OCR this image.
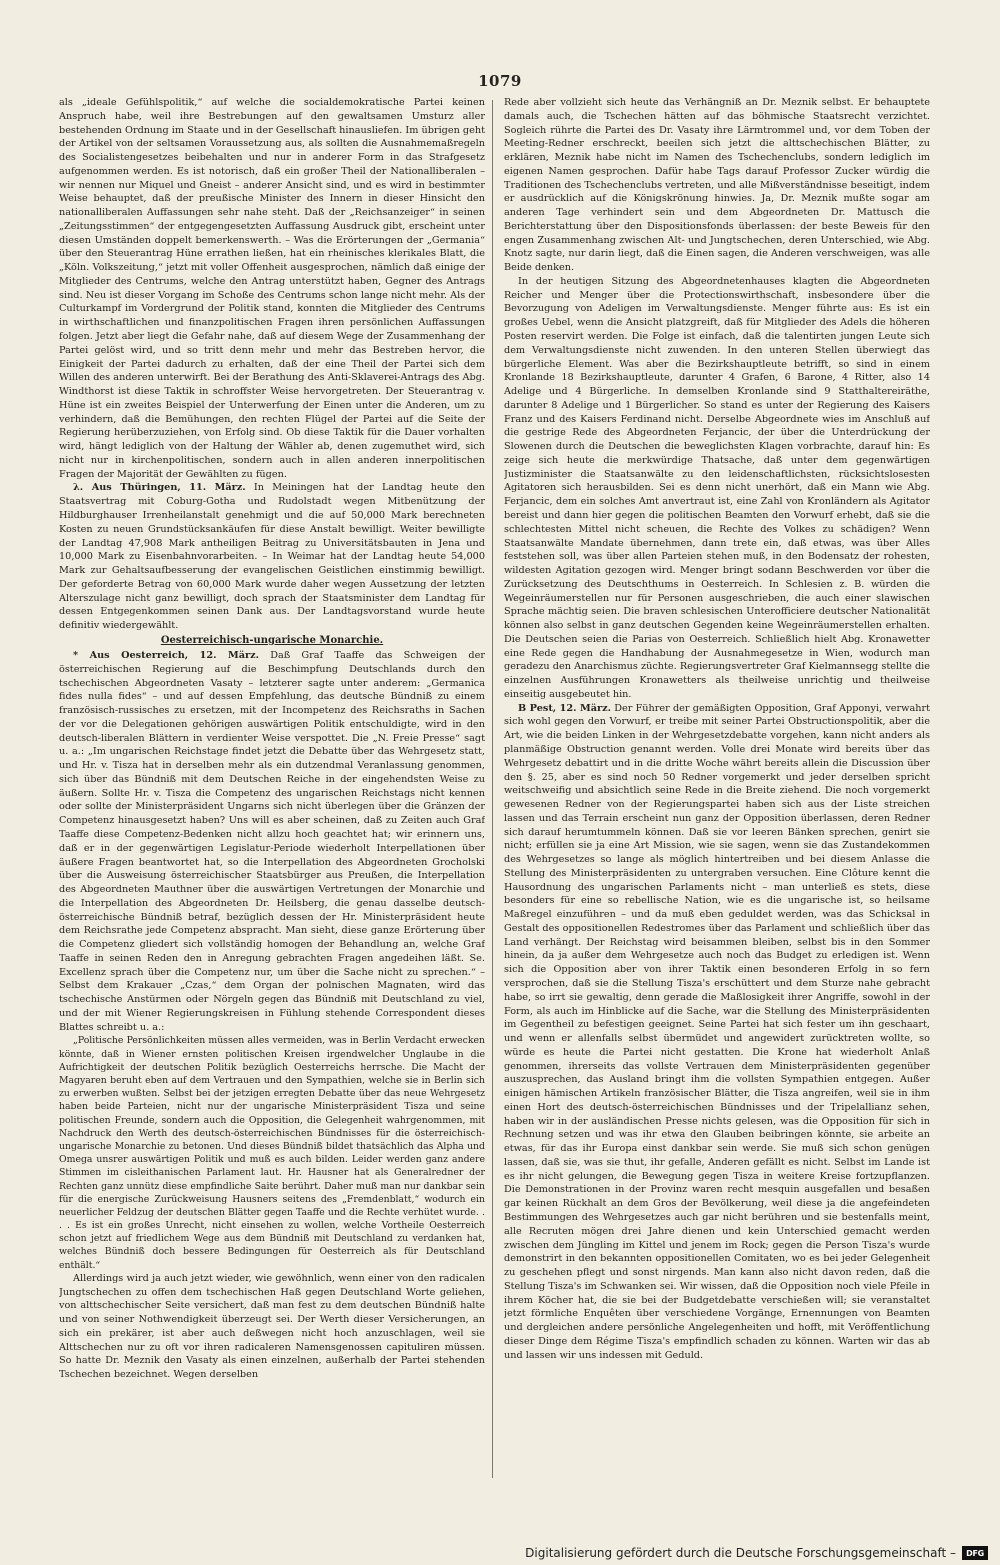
1079

als „ideale Gefühlspolitik,“ auf welche die socialdemokratische Partei keinen Anspruch habe, weil ihre Bestrebungen auf den gewaltsamen Umsturz aller bestehenden Ordnung im Staate und in der Gesellschaft hinausliefen. Im übrigen geht der Artikel von der seltsamen Voraussetzung aus, als sollten die Ausnahmemaßregeln des Socialistengesetzes beibehalten und nur in anderer Form in das Strafgesetz aufgenommen werden. Es ist notorisch, daß ein großer Theil der Nationalliberalen – wir nennen nur Miquel und Gneist – anderer Ansicht sind, und es wird in bestimmter Weise behauptet, daß der preußische Minister des Innern in dieser Hinsicht den nationalliberalen Auffassungen sehr nahe steht. Daß der „Reichsanzeiger“ in seinen „Zeitungsstimmen“ der entgegengesetzten Auffassung Ausdruck gibt, erscheint unter diesen Umständen doppelt bemerkenswerth. – Was die Erörterungen der „Germania“ über den Steuerantrag Hüne errathen ließen, hat ein rheinisches klerikales Blatt, die „Köln. Volkszeitung,“ jetzt mit voller Offenheit ausgesprochen, nämlich daß einige der Mitglieder des Centrums, welche den Antrag unterstützt haben, Gegner des Antrags sind. Neu ist dieser Vorgang im Schoße des Centrums schon lange nicht mehr. Als der Culturkampf im Vordergrund der Politik stand, konnten die Mitglieder des Centrums in wirthschaftlichen und finanzpolitischen Fragen ihren persönlichen Auffassungen folgen. Jetzt aber liegt die Gefahr nahe, daß auf diesem Wege der Zusammenhang der Partei gelöst wird, und so tritt denn mehr und mehr das Bestreben hervor, die Einigkeit der Partei dadurch zu erhalten, daß der eine Theil der Partei sich dem Willen des anderen unterwirft. Bei der Berathung des Anti-Sklaverei-Antrags des Abg. Windthorst ist diese Taktik in schroffster Weise hervorgetreten. Der Steuerantrag v. Hüne ist ein zweites Beispiel der Unterwerfung der Einen unter die Anderen, um zu verhindern, daß die Bemühungen, den rechten Flügel der Partei auf die Seite der Regierung herüberzuziehen, von Erfolg sind. Ob diese Taktik für die Dauer vorhalten wird, hängt lediglich von der Haltung der Wähler ab, denen zugemuthet wird, sich nicht nur in kirchenpolitischen, sondern auch in allen anderen innerpolitischen Fragen der Majorität der Gewählten zu fügen.

λ. Aus Thüringen, 11. März. In Meiningen hat der Landtag heute den Staatsvertrag mit Coburg-Gotha und Rudolstadt wegen Mitbenützung der Hildburghauser Irrenheilanstalt genehmigt und die auf 50,000 Mark berechneten Kosten zu neuen Grundstücksankäufen für diese Anstalt bewilligt. Weiter bewilligte der Landtag 47,908 Mark antheiligen Beitrag zu Universitätsbauten in Jena und 10,000 Mark zu Eisenbahnvorarbeiten. – In Weimar hat der Landtag heute 54,000 Mark zur Gehaltsaufbesserung der evangelischen Geistlichen einstimmig bewilligt. Der geforderte Betrag von 60,000 Mark wurde daher wegen Aussetzung der letzten Alterszulage nicht ganz bewilligt, doch sprach der Staatsminister dem Landtag für dessen Entgegenkommen seinen Dank aus. Der Landtagsvorstand wurde heute definitiv wiedergewählt.

Oesterreichisch-ungarische Monarchie.

* Aus Oesterreich, 12. März. Daß Graf Taaffe das Schweigen der österreichischen Regierung auf die Beschimpfung Deutschlands durch den tschechischen Abgeordneten Vasaty – letzterer sagte unter anderem: „Germanica fides nulla fides“ – und auf dessen Empfehlung, das deutsche Bündniß zu einem französisch-russisches zu ersetzen, mit der Incompetenz des Reichsraths in Sachen der vor die Delegationen gehörigen auswärtigen Politik entschuldigte, wird in den deutsch-liberalen Blättern in verdienter Weise verspottet. Die „N. Freie Presse“ sagt u. a.: „Im ungarischen Reichstage findet jetzt die Debatte über das Wehrgesetz statt, und Hr. v. Tisza hat in derselben mehr als ein dutzendmal Veranlassung genommen, sich über das Bündniß mit dem Deutschen Reiche in der eingehendsten Weise zu äußern. Sollte Hr. v. Tisza die Competenz des ungarischen Reichstags nicht kennen oder sollte der Ministerpräsident Ungarns sich nicht überlegen über die Gränzen der Competenz hinausgesetzt haben? Uns will es aber scheinen, daß zu Zeiten auch Graf Taaffe diese Competenz-Bedenken nicht allzu hoch geachtet hat; wir erinnern uns, daß er in der gegenwärtigen Legislatur-Periode wiederholt Interpellationen über äußere Fragen beantwortet hat, so die Interpellation des Abgeordneten Grocholski über die Ausweisung österreichischer Staatsbürger aus Preußen, die Interpellation des Abgeordneten Mauthner über die auswärtigen Vertretungen der Monarchie und die Interpellation des Abgeordneten Dr. Heilsberg, die genau dasselbe deutsch-österreichische Bündniß betraf, bezüglich dessen der Hr. Ministerpräsident heute dem Reichsrathe jede Competenz abspracht. Man sieht, diese ganze Erörterung über die Competenz gliedert sich vollständig homogen der Behandlung an, welche Graf Taaffe in seinen Reden den in Anregung gebrachten Fragen angedeihen läßt. Se. Excellenz sprach über die Competenz nur, um über die Sache nicht zu sprechen.“ – Selbst dem Krakauer „Czas,“ dem Organ der polnischen Magnaten, wird das tschechische Anstürmen oder Nörgeln gegen das Bündniß mit Deutschland zu viel, und der mit Wiener Regierungskreisen in Fühlung stehende Correspondent dieses Blattes schreibt u. a.:

„Politische Persönlichkeiten müssen alles vermeiden, was in Berlin Verdacht erwecken könnte, daß in Wiener ernsten politischen Kreisen irgendwelcher Unglaube in die Aufrichtigkeit der deutschen Politik bezüglich Oesterreichs herrsche. Die Macht der Magyaren beruht eben auf dem Vertrauen und den Sympathien, welche sie in Berlin sich zu erwerben wußten. Selbst bei der jetzigen erregten Debatte über das neue Wehrgesetz haben beide Parteien, nicht nur der ungarische Ministerpräsident Tisza und seine politischen Freunde, sondern auch die Opposition, die Gelegenheit wahrgenommen, mit Nachdruck den Werth des deutsch-österreichischen Bündnisses für die österreichisch-ungarische Monarchie zu betonen. Und dieses Bündniß bildet thatsächlich das Alpha und Omega unsrer auswärtigen Politik und muß es auch bilden. Leider werden ganz andere Stimmen im cisleithanischen Parlament laut. Hr. Hausner hat als Generalredner der Rechten ganz unnütz diese empfindliche Saite berührt. Daher muß man nur dankbar sein für die energische Zurückweisung Hausners seitens des „Fremdenblatt,“ wodurch ein neuerlicher Feldzug der deutschen Blätter gegen Taaffe und die Rechte verhütet wurde. . . . Es ist ein großes Unrecht, nicht einsehen zu wollen, welche Vortheile Oesterreich schon jetzt auf friedlichem Wege aus dem Bündniß mit Deutschland zu verdanken hat, welches Bündniß doch bessere Bedingungen für Oesterreich als für Deutschland enthält.“

Allerdings wird ja auch jetzt wieder, wie gewöhnlich, wenn einer von den radicalen Jungtschechen zu offen dem tschechischen Haß gegen Deutschland Worte geliehen, von alttschechischer Seite versichert, daß man fest zu dem deutschen Bündniß halte und von seiner Nothwendigkeit überzeugt sei. Der Werth dieser Versicherungen, an sich ein prekärer, ist aber auch deßwegen nicht hoch anzuschlagen, weil sie Alttschechen nur zu oft vor ihren radicaleren Namensgenossen capituliren müssen. So hatte Dr. Meznik den Vasaty als einen einzelnen, außerhalb der Partei stehenden Tschechen bezeichnet. Wegen derselben

Rede aber vollzieht sich heute das Verhängniß an Dr. Meznik selbst. Er behauptete damals auch, die Tschechen hätten auf das böhmische Staatsrecht verzichtet. Sogleich rührte die Partei des Dr. Vasaty ihre Lärmtrommel und, vor dem Toben der Meeting-Redner erschreckt, beeilen sich jetzt die alttschechischen Blätter, zu erklären, Meznik habe nicht im Namen des Tschechenclubs, sondern lediglich im eigenen Namen gesprochen. Dafür habe Tags darauf Professor Zucker würdig die Traditionen des Tschechenclubs vertreten, und alle Mißverständnisse beseitigt, indem er ausdrücklich auf die Königskrönung hinwies. Ja, Dr. Meznik mußte sogar am anderen Tage verhindert sein und dem Abgeordneten Dr. Mattusch die Berichterstattung über den Dispositionsfonds überlassen: der beste Beweis für den engen Zusammenhang zwischen Alt- und Jungtschechen, deren Unterschied, wie Abg. Knotz sagte, nur darin liegt, daß die Einen sagen, die Anderen verschweigen, was alle Beide denken.

In der heutigen Sitzung des Abgeordnetenhauses klagten die Abgeordneten Reicher und Menger über die Protectionswirthschaft, insbesondere über die Bevorzugung von Adeligen im Verwaltungsdienste. Menger führte aus: Es ist ein großes Uebel, wenn die Ansicht platzgreift, daß für Mitglieder des Adels die höheren Posten reservirt werden. Die Folge ist einfach, daß die talentirten jungen Leute sich dem Verwaltungsdienste nicht zuwenden. In den unteren Stellen überwiegt das bürgerliche Element. Was aber die Bezirkshauptleute betrifft, so sind in einem Kronlande 18 Bezirkshauptleute, darunter 4 Grafen, 6 Barone, 4 Ritter, also 14 Adelige und 4 Bürgerliche. In demselben Kronlande sind 9 Statthaltereiräthe, darunter 8 Adelige und 1 Bürgerlicher. So stand es unter der Regierung des Kaisers Franz und des Kaisers Ferdinand nicht. Derselbe Abgeordnete wies im Anschluß auf die gestrige Rede des Abgeordneten Ferjancic, der über die Unterdrückung der Slowenen durch die Deutschen die beweglichsten Klagen vorbrachte, darauf hin: Es zeige sich heute die merkwürdige Thatsache, daß unter dem gegenwärtigen Justizminister die Staatsanwälte zu den leidenschaftlichsten, rücksichtslosesten Agitatoren sich herausbilden. Sei es denn nicht unerhört, daß ein Mann wie Abg. Ferjancic, dem ein solches Amt anvertraut ist, eine Zahl von Kronländern als Agitator bereist und dann hier gegen die politischen Beamten den Vorwurf erhebt, daß sie die schlechtesten Mittel nicht scheuen, die Rechte des Volkes zu schädigen? Wenn Staatsanwälte Mandate übernehmen, dann trete ein, daß etwas, was über Alles feststehen soll, was über allen Parteien stehen muß, in den Bodensatz der rohesten, wildesten Agitation gezogen wird. Menger bringt sodann Beschwerden vor über die Zurücksetzung des Deutschthums in Oesterreich. In Schlesien z. B. würden die Wegeinräumerstellen nur für Personen ausgeschrieben, die auch einer slawischen Sprache mächtig seien. Die braven schlesischen Unterofficiere deutscher Nationalität können also selbst in ganz deutschen Gegenden keine Wegeinräumerstellen erhalten. Die Deutschen seien die Parias von Oesterreich. Schließlich hielt Abg. Kronawetter eine Rede gegen die Handhabung der Ausnahmegesetze in Wien, wodurch man geradezu den Anarchismus züchte. Regierungsvertreter Graf Kielmannsegg stellte die einzelnen Ausführungen Kronawetters als theilweise unrichtig und theilweise einseitig ausgebeutet hin.

B Pest, 12. März. Der Führer der gemäßigten Opposition, Graf Apponyi, verwahrt sich wohl gegen den Vorwurf, er treibe mit seiner Partei Obstructionspolitik, aber die Art, wie die beiden Linken in der Wehrgesetzdebatte vorgehen, kann nicht anders als planmäßige Obstruction genannt werden. Volle drei Monate wird bereits über das Wehrgesetz debattirt und in die dritte Woche währt bereits allein die Discussion über den §. 25, aber es sind noch 50 Redner vorgemerkt und jeder derselben spricht weitschweifig und absichtlich seine Rede in die Breite ziehend. Die noch vorgemerkt gewesenen Redner von der Regierungspartei haben sich aus der Liste streichen lassen und das Terrain erscheint nun ganz der Opposition überlassen, deren Redner sich darauf herumtummeln können. Daß sie vor leeren Bänken sprechen, genirt sie nicht; erfüllen sie ja eine Art Mission, wie sie sagen, wenn sie das Zustandekommen des Wehrgesetzes so lange als möglich hintertreiben und bei diesem Anlasse die Stellung des Ministerpräsidenten zu untergraben versuchen. Eine Clôture kennt die Hausordnung des ungarischen Parlaments nicht – man unterließ es stets, diese besonders für eine so rebellische Nation, wie es die ungarische ist, so heilsame Maßregel einzuführen – und da muß eben geduldet werden, was das Schicksal in Gestalt des oppositionellen Redestromes über das Parlament und schließlich über das Land verhängt. Der Reichstag wird beisammen bleiben, selbst bis in den Sommer hinein, da ja außer dem Wehrgesetze auch noch das Budget zu erledigen ist. Wenn sich die Opposition aber von ihrer Taktik einen besonderen Erfolg in so fern versprochen, daß sie die Stellung Tisza's erschüttert und dem Sturze nahe gebracht habe, so irrt sie gewaltig, denn gerade die Maßlosigkeit ihrer Angriffe, sowohl in der Form, als auch im Hinblicke auf die Sache, war die Stellung des Ministerpräsidenten im Gegentheil zu befestigen geeignet. Seine Partei hat sich fester um ihn geschaart, und wenn er allenfalls selbst übermüdet und angewidert zurücktreten wollte, so würde es heute die Partei nicht gestatten. Die Krone hat wiederholt Anlaß genommen, ihrerseits das vollste Vertrauen dem Ministerpräsidenten gegenüber auszusprechen, das Ausland bringt ihm die vollsten Sympathien entgegen. Außer einigen hämischen Artikeln französischer Blätter, die Tisza angreifen, weil sie in ihm einen Hort des deutsch-österreichischen Bündnisses und der Tripelallianz sehen, haben wir in der ausländischen Presse nichts gelesen, was die Opposition für sich in Rechnung setzen und was ihr etwa den Glauben beibringen könnte, sie arbeite an etwas, für das ihr Europa einst dankbar sein werde. Sie muß sich schon genügen lassen, daß sie, was sie thut, ihr gefalle, Anderen gefällt es nicht. Selbst im Lande ist es ihr nicht gelungen, die Bewegung gegen Tisza in weitere Kreise fortzupflanzen. Die Demonstrationen in der Provinz waren recht mesquin ausgefallen und besaßen gar keinen Rückhalt an dem Gros der Bevölkerung, weil diese ja die angefeindeten Bestimmungen des Wehrgesetzes auch gar nicht berühren und sie bestenfalls meint, alle Recruten mögen drei Jahre dienen und kein Unterschied gemacht werden zwischen dem Jüngling im Kittel und jenem im Rock; gegen die Person Tisza's wurde demonstrirt in den bekannten oppositionellen Comitaten, wo es bei jeder Gelegenheit zu geschehen pflegt und sonst nirgends. Man kann also nicht davon reden, daß die Stellung Tisza's im Schwanken sei. Wir wissen, daß die Opposition noch viele Pfeile in ihrem Köcher hat, die sie bei der Budgetdebatte verschießen will; sie veranstaltet jetzt förmliche Enquêten über verschiedene Vorgänge, Ernennungen von Beamten und dergleichen andere persönliche Angelegenheiten und hofft, mit Veröffentlichung dieser Dinge dem Régime Tisza's empfindlich schaden zu können. Warten wir das ab und lassen wir uns indessen mit Geduld.

Digitalisierung gefördert durch die Deutsche Forschungsgemeinschaft –	DFG
